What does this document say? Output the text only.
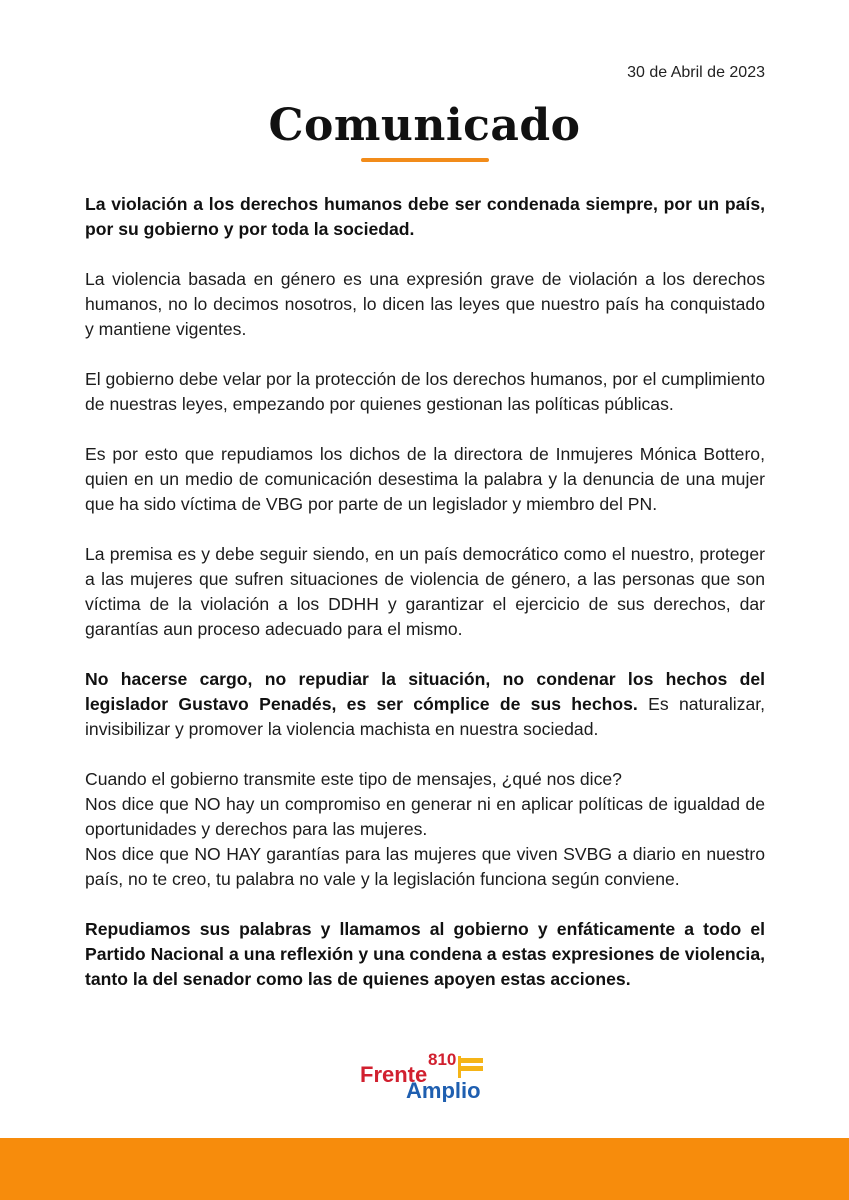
30 de Abril de 2023
Comunicado

La violación a los derechos humanos debe ser condenada siempre, por un país, por su gobierno y por toda la sociedad.

La violencia basada en género es una expresión grave de violación a los derechos humanos, no lo decimos nosotros, lo dicen las leyes que nuestro país ha conquistado y mantiene vigentes.

El gobierno debe velar por la protección de los derechos humanos, por el cumplimiento de nuestras leyes, empezando por quienes gestionan las políticas públicas.

Es por esto que repudiamos los dichos de la directora de Inmujeres Mónica Bottero, quien en un medio de comunicación desestima la palabra y la denuncia de una mujer que ha sido víctima de VBG por parte de un legislador y miembro del PN.

La premisa es y debe seguir siendo, en un país democrático como el nuestro, proteger a las mujeres que sufren situaciones de violencia de género, a las personas que son víctima de la violación a los DDHH y garantizar el ejercicio de sus derechos, dar garantías aun proceso adecuado para el mismo.

No hacerse cargo, no repudiar la situación, no condenar los hechos del legislador Gustavo Penadés, es ser cómplice de sus hechos. Es naturalizar, invisibilizar y promover la violencia machista en nuestra sociedad.

Cuando el gobierno transmite este tipo de mensajes, ¿qué nos dice?

Nos dice que NO hay un compromiso en generar ni en aplicar políticas de igualdad de oportunidades y derechos para las mujeres.

Nos dice que NO HAY garantías para las mujeres que viven SVBG a diario en nuestro país, no te creo, tu palabra no vale y la legislación funciona según conviene.

Repudiamos sus palabras y llamamos al gobierno y enfáticamente a todo el Partido Nacional a una reflexión y una condena a estas expresiones de violencia, tanto la del senador como las de quienes apoyen estas acciones.

810
Frente
Amplio
